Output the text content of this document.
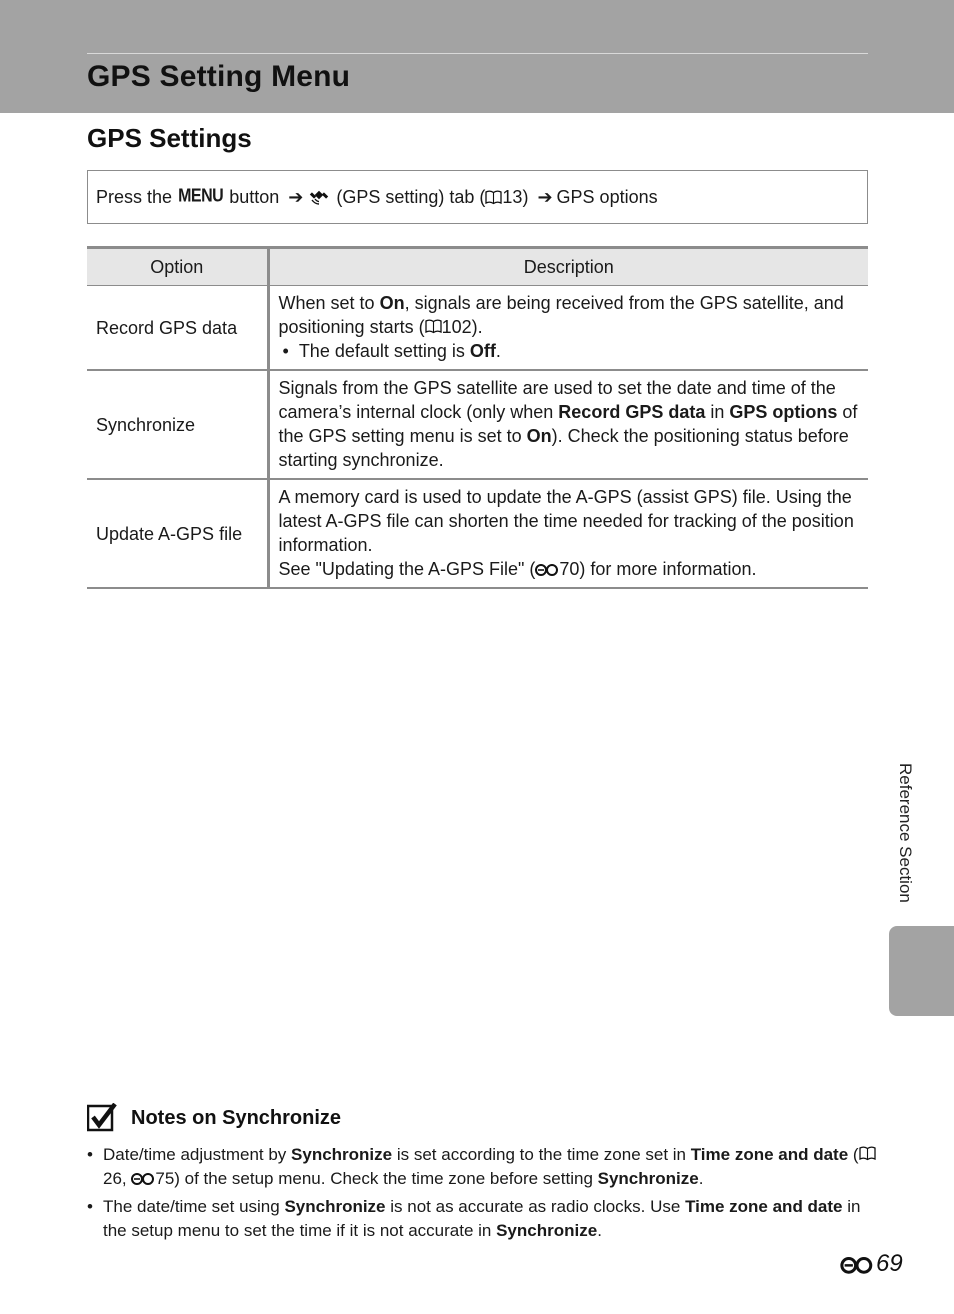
GPS Setting Menu
GPS Settings
Press the
MENU
button
➔
(GPS setting) tab ( 13)
➔ GPS options
Option	Description
Record GPS data	When set to On, signals are being received from the GPS satellite, and positioning starts ( 102).
•  The default setting is Off.

Synchronize	Signals from the GPS satellite are used to set the date and time of the camera’s internal clock (only when Record GPS data in GPS options of the GPS setting menu is set to On). Check the positioning status before starting synchronize.
Update A-GPS file	A memory card is used to update the A-GPS (assist GPS) file. Using the latest A-GPS file can shorten the time needed for tracking of the position information.
See "Updating the A-GPS File" ( 70) for more information.
Reference Section
Notes on Synchronize
• Date/time adjustment by Synchronize is set according to the time zone set in Time zone and date (26, 75) of the setup menu. Check the time zone before setting Synchronize.
• The date/time set using Synchronize is not as accurate as radio clocks. Use Time zone and date in the setup menu to set the time if it is not accurate in Synchronize.
69
